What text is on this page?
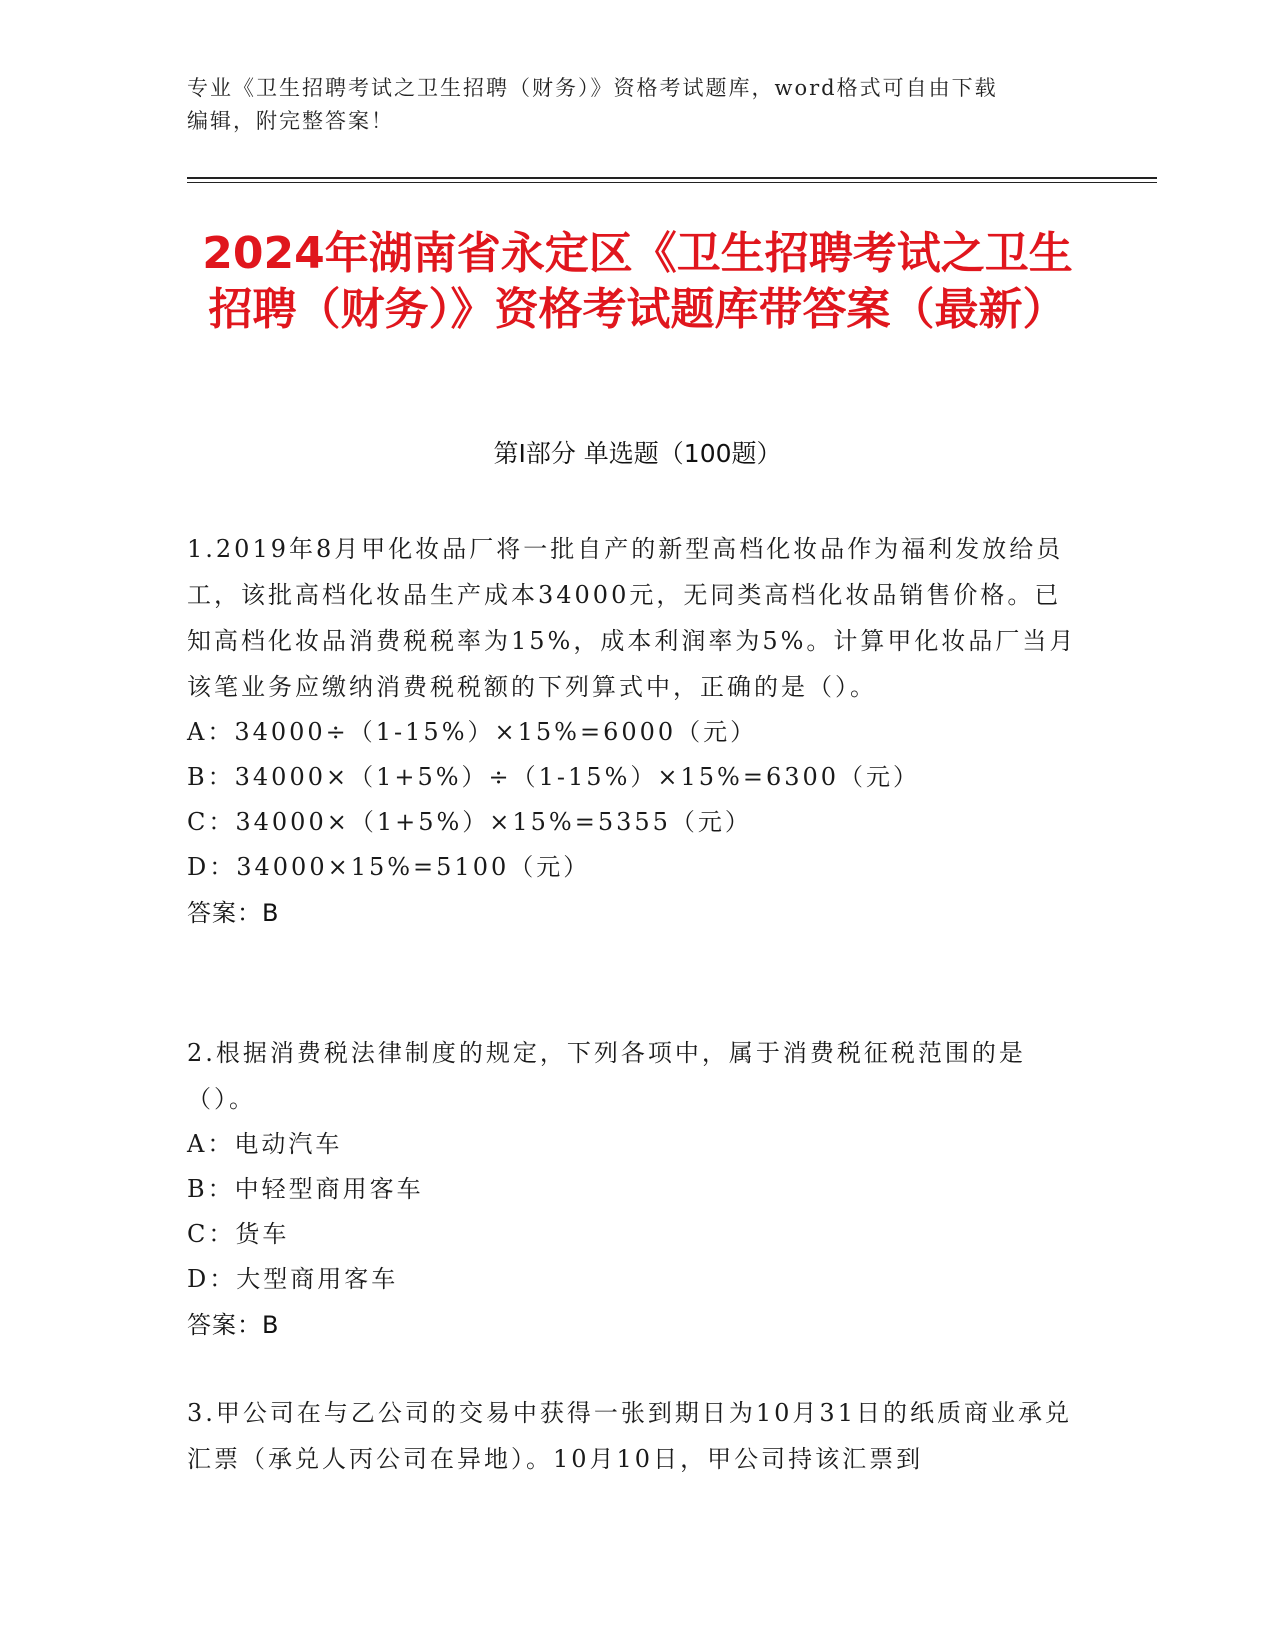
专业《卫生招聘考试之卫生招聘（财务）》资格考试题库，word格式可自由下载
编辑，附完整答案！
2024年湖南省永定区《卫生招聘考试之卫生招聘（财务）》资格考试题库带答案（最新）
第I部分 单选题（100题）
1.2019年8月甲化妆品厂将一批自产的新型高档化妆品作为福利发放给员工，该批高档化妆品生产成本34000元，无同类高档化妆品销售价格。已知高档化妆品消费税税率为15%，成本利润率为5%。计算甲化妆品厂当月该笔业务应缴纳消费税税额的下列算式中，正确的是（）。
A：34000÷（1-15%）×15%=6000（元）
B：34000×（1+5%）÷（1-15%）×15%=6300（元）
C：34000×（1+5%）×15%=5355（元）
D：34000×15%=5100（元）
答案：B
2.根据消费税法律制度的规定，下列各项中，属于消费税征税范围的是（）。
A：电动汽车
B：中轻型商用客车
C：货车
D：大型商用客车
答案：B
3.甲公司在与乙公司的交易中获得一张到期日为10月31日的纸质商业承兑汇票（承兑人丙公司在异地）。10月10日，甲公司持该汇票到
